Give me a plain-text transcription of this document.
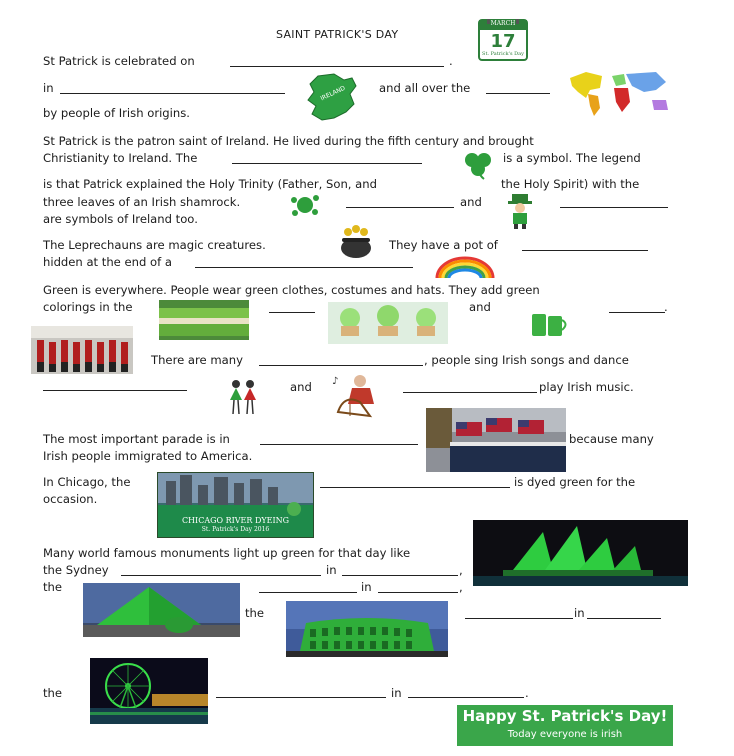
SAINT PATRICK'S DAY
MARCH
17
St. Patrick's Day
St Patrick is celebrated on	.
in	IRELAND	and all over the
by people of Irish origins.
St Patrick is the patron saint of Ireland. He lived during the fifth century and brought
Christianity to Ireland. The	is a symbol. The legend
is that Patrick explained the Holy Trinity (Father, Son, and	the Holy Spirit) with the
three leaves of an Irish shamrock.	and
are symbols of Ireland too.
The Leprechauns are magic creatures.	They have a pot of
hidden at the end of a
Green is everywhere. People wear green clothes, costumes and hats. They add green
colorings in the	and	.
There are many	, people sing Irish songs and dance
and ♪	play Irish music.
The most important parade is in	because many
Irish people immigrated to America.
In Chicago, the
CHICAGO RIVER DYEING
St. Patrick's Day 2016
is dyed green for the
occasion.
Many world famous monuments light up green for that day like
the Sydney	in	,
the	in	,
the	in
the	in	.
Happy St. Patrick's Day!
Today everyone is irish
